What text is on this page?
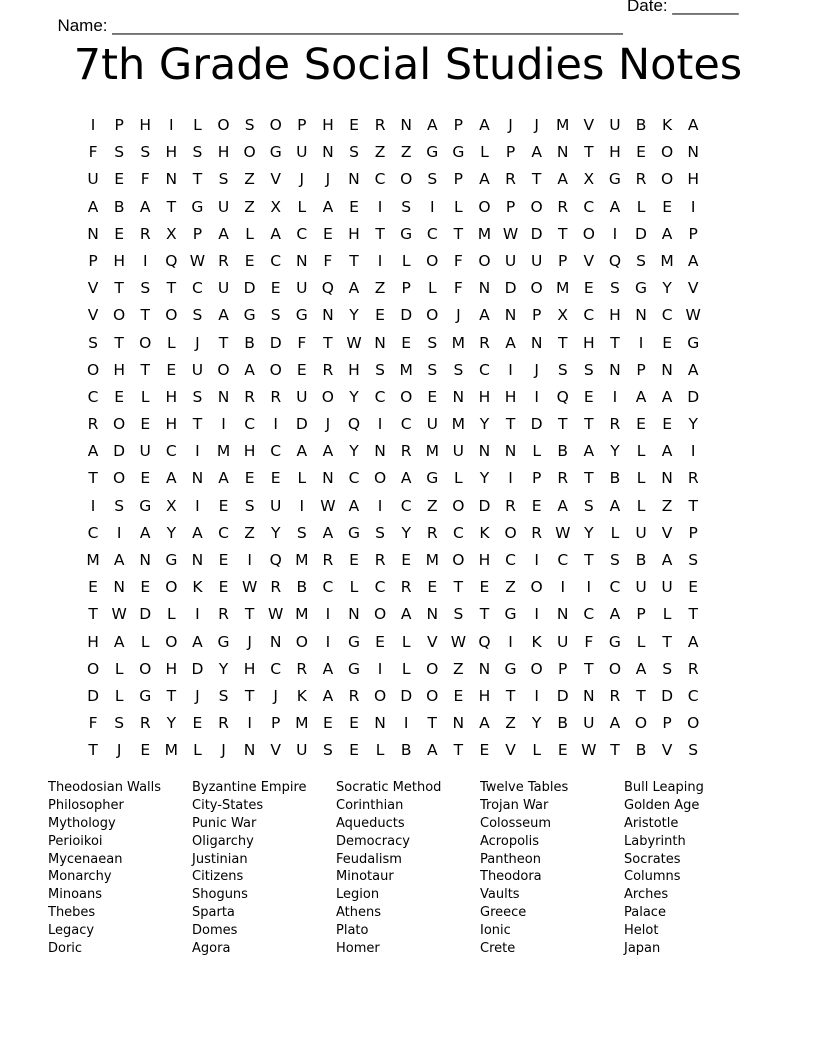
Name: ______________________________________________________

Date: _______

7th Grade Social Studies Notes
I	P	H	I	L	O S O P	H E	R N A	P	A	J	J	M V U B	K	A
F	S	S H S H O G U N S	Z Z G G	L	P	A N	T	H E O N
U	E	F	N	T	S	Z V	J	J	N C O S	P	A R	T	A X G R O H
A B A	T G U Z X	L	A	E	I	S	I	L	O P O R C A	L	E	I
N E	R X	P	A	L	A C	E H	T G C	T M W D T O	I	D A	P
P	H	I	Q W R	E	C N	F	T	I	L	O	F	O U U	P	V Q S M A
V	T	S	T	C U D E	U Q A Z	P	L	F	N D O M E	S G Y	V
V O T O S	A G S G N	Y	E D O	J	A N	P	X C H N C W
S	T O	L	J	T	B D	F	T W N E	S M R A N	T	H	T	I	E G
O H	T	E	U O A O E	R H S M S	S	C	I	J	S	S N	P	N A
C	E	L	H S N R R U O Y	C O E N H H	I	Q E	I	A A D
R O E H	T	I	C	I	D	J	Q	I	C U M Y	T D T	T	R	E	E	Y
A D U C	I	M H C A A	Y	N R M U N N	L	B A	Y	L	A	I
T O E	A N A	E	E	L	N C O A G	L	Y	I	P	R	T	B	L	N R
I	S G X	I	E	S U	I	W A	I	C Z O D R	E	A	S	A	L	Z	T
C	I	A	Y	A C Z	Y	S	A G S	Y	R C	K O R W Y	L	U V	P
M A N G N E	I	Q M R	E	R	E M O H C	I	C	T	S	B A	S
E N E O K	E W R B C	L	C R	E	T	E	Z O	I	I	C U U	E
T W D	L	I	R	T W M	I	N O A N S	T G	I	N C A	P	L	T
H A	L	O A G	J	N O	I	G E	L	V W Q	I	K U	F	G	L	T	A
O	L	O H D Y	H C R A G	I	L	O Z N G O P	T O A	S	R
D	L	G T	J	S	T	J	K	A R O D O E H	T	I	D N R	T D C
F	S	R	Y	E	R	I	P M E	E N	I	T	N A Z	Y	B U A O P O
T	J	E M L	J	N V U	S	E	L	B A	T	E	V	L	E W T	B V	S
Theodosian Walls	Byzantine Empire	Socratic Method	Twelve Tables	Bull Leaping
Philosopher	City-States	Corinthian	Trojan War	Golden Age
Mythology	Punic War	Aqueducts	Colosseum	Aristotle
Perioikoi	Oligarchy	Democracy	Acropolis	Labyrinth
Mycenaean	Justinian	Feudalism	Pantheon	Socrates
Monarchy	Citizens	Minotaur	Theodora	Columns
Minoans	Shoguns	Legion	Vaults	Arches
Thebes	Sparta	Athens	Greece	Palace
Legacy	Domes	Plato	Ionic	Helot
Doric	Agora	Homer	Crete	Japan
